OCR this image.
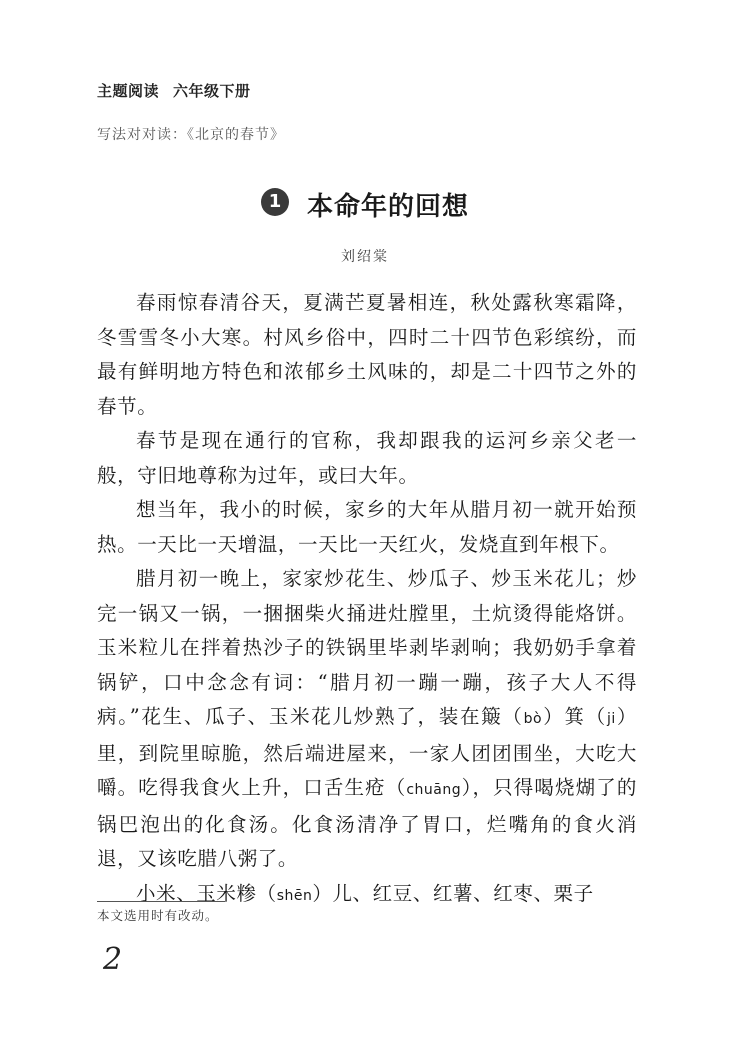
主题阅读 六年级下册
写法对对读：《北京的春节》
1 本命年的回想
刘绍棠

春雨惊春清谷天，夏满芒夏暑相连，秋处露秋寒霜降，冬雪雪冬小大寒。村风乡俗中，四时二十四节色彩缤纷，而最有鲜明地方特色和浓郁乡土风味的，却是二十四节之外的春节。

春节是现在通行的官称，我却跟我的运河乡亲父老一般，守旧地尊称为过年，或曰大年。

想当年，我小的时候，家乡的大年从腊月初一就开始预热。一天比一天增温，一天比一天红火，发烧直到年根下。

腊月初一晚上，家家炒花生、炒瓜子、炒玉米花儿；炒完一锅又一锅，一捆捆柴火捅进灶膛里，土炕烫得能烙饼。玉米粒儿在拌着热沙子的铁锅里毕剥毕剥响；我奶奶手拿着锅铲，口中念念有词：“腊月初一蹦一蹦，孩子大人不得病。”花生、瓜子、玉米花儿炒熟了，装在簸（bò）箕（ji）里，到院里晾脆，然后端进屋来，一家人团团围坐，大吃大嚼。吃得我食火上升，口舌生疮（chuāng），只得喝烧煳了的锅巴泡出的化食汤。化食汤清净了胃口，烂嘴角的食火消退，又该吃腊八粥了。

小米、玉米糁（shēn）儿、红豆、红薯、红枣、栗子

本文选用时有改动。
2
